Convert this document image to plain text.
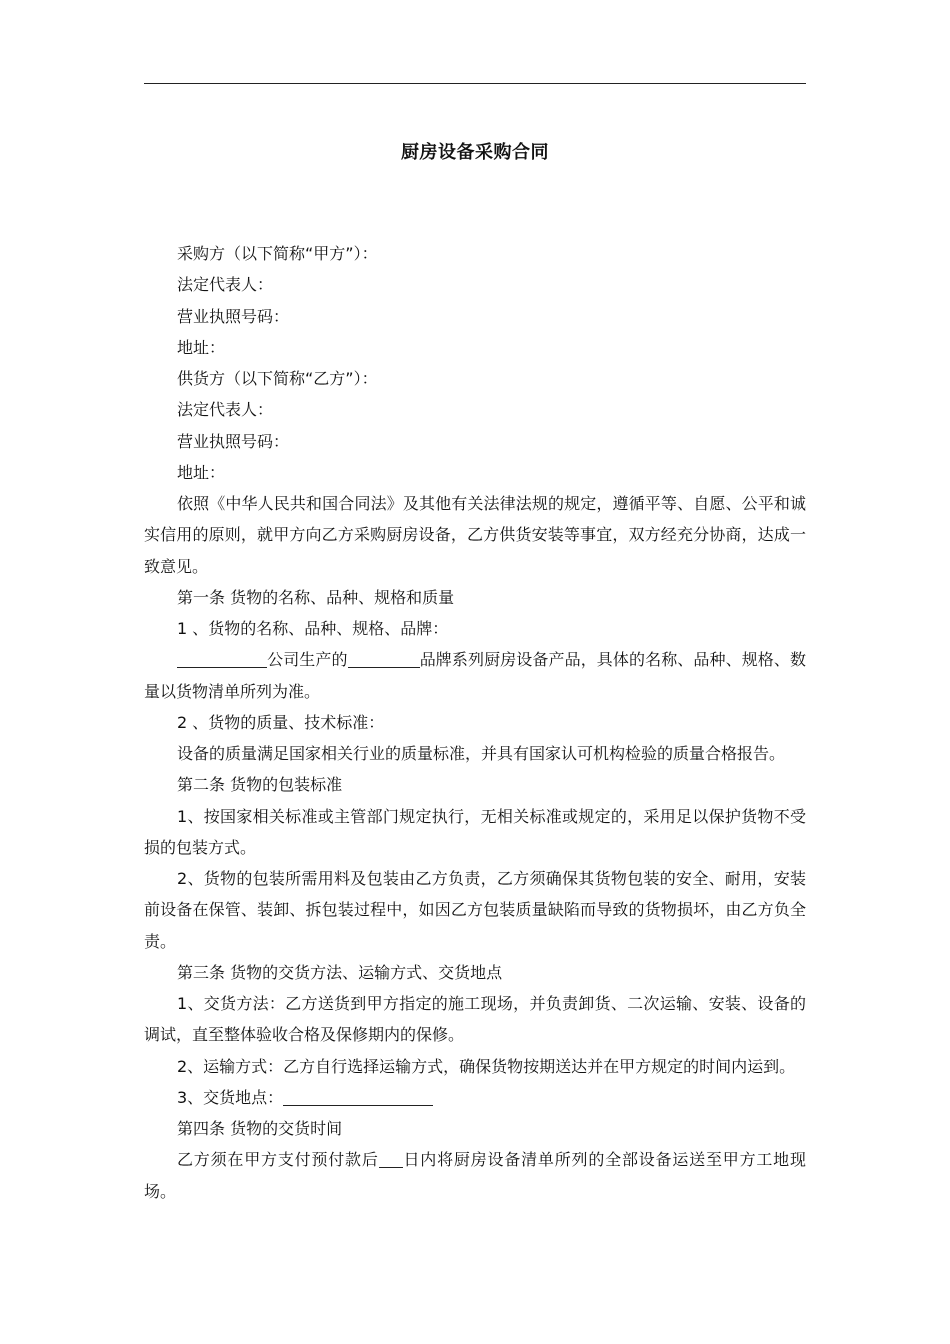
厨房设备采购合同

采购方（以下简称“甲方”）：

法定代表人：

营业执照号码：

地址：

供货方（以下简称“乙方”）：

法定代表人：

营业执照号码：

地址：

依照《中华人民共和国合同法》及其他有关法律法规的规定，遵循平等、自愿、公平和诚实信用的原则，就甲方向乙方采购厨房设备，乙方供货安装等事宜，双方经充分协商，达成一致意见。

第一条 货物的名称、品种、规格和质量

1 、货物的名称、品种、规格、品牌：

公司生产的	品牌系列厨房设备产品，具体的名称、品种、规格、数量以货物清单所列为准。

2 、货物的质量、技术标准：

设备的质量满足国家相关行业的质量标准，并具有国家认可机构检验的质量合格报告。

第二条 货物的包装标准

1、按国家相关标准或主管部门规定执行，无相关标准或规定的，采用足以保护货物不受损的包装方式。

2、货物的包装所需用料及包装由乙方负责，乙方须确保其货物包装的安全、耐用，安装前设备在保管、装卸、拆包装过程中，如因乙方包装质量缺陷而导致的货物损坏，由乙方负全责。

第三条 货物的交货方法、运输方式、交货地点

1、交货方法：乙方送货到甲方指定的施工现场，并负责卸货、二次运输、安装、设备的调试，直至整体验收合格及保修期内的保修。

2、运输方式：乙方自行选择运输方式，确保货物按期送达并在甲方规定的时间内运到。

3、交货地点：

第四条 货物的交货时间

乙方须在甲方支付预付款后 日内将厨房设备清单所列的全部设备运送至甲方工地现场。
